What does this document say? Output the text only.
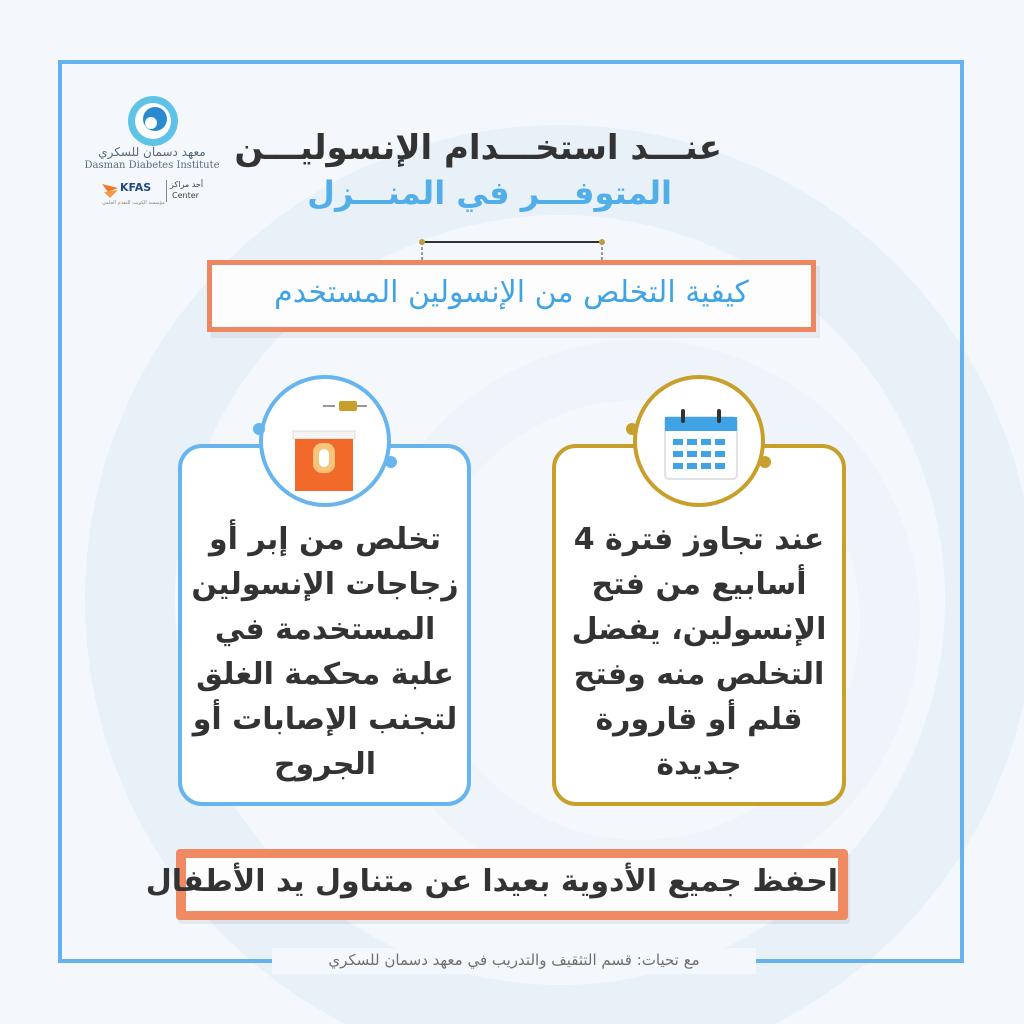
مع تحيات: قسم التثقيف والتدريب في معهد دسمان للسكري
معهد دسمان للسكري
Dasman Diabetes Institute
KFAS
مؤسسة الكويت للتقدم العلمي
أحد مراكز
Center
عنـــد استخـــدام الإنسوليـــن
المتوفـــر في المنـــزل
كيفية التخلص من الإنسولين المستخدم
تخلص من إبر أو زجاجات الإنسولين المستخدمة في علبة محكمة الغلق لتجنب الإصابات أو الجروح
عند تجاوز فترة 4 أسابيع من فتح الإنسولين، يفضل التخلص منه وفتح قلم أو قارورة جديدة
احفظ جميع الأدوية بعيدا عن متناول يد الأطفال
